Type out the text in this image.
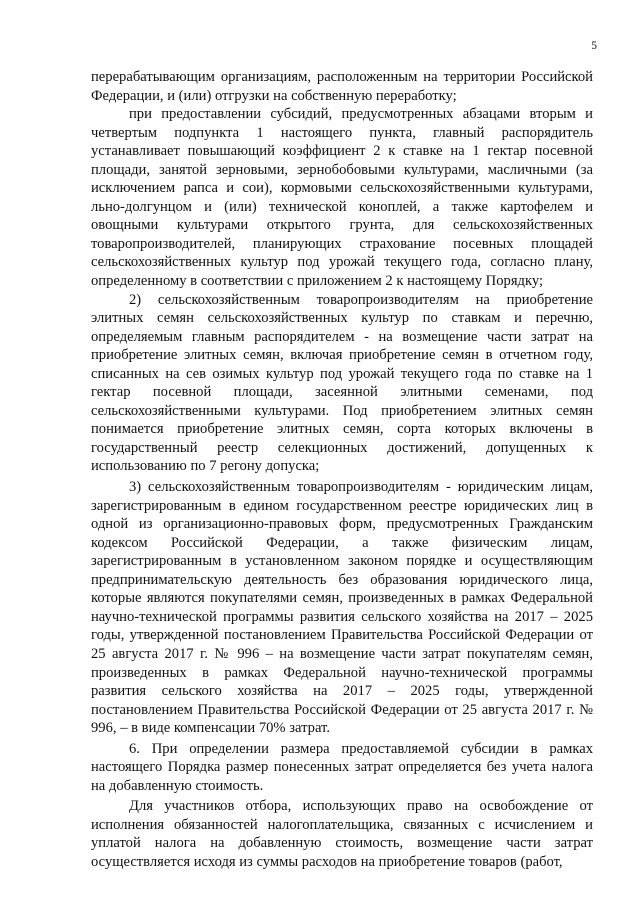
5

перерабатывающим организациям, расположенным на территории Российской Федерации, и (или) отгрузки на собственную переработку;

при предоставлении субсидий, предусмотренных абзацами вторым и четвертым подпункта 1 настоящего пункта, главный распорядитель устанавливает повышающий коэффициент 2 к ставке на 1 гектар посевной площади, занятой зерновыми, зернобобовыми культурами, масличными (за исключением рапса и сои), кормовыми сельскохозяйственными культурами, льно-долгунцом и (или) технической коноплей, а также картофелем и овощными культурами открытого грунта, для сельскохозяйственных товаропроизводителей, планирующих страхование посевных площадей сельскохозяйственных культур под урожай текущего года, согласно плану, определенному в соответствии с приложением 2 к настоящему Порядку;

2) сельскохозяйственным товаропроизводителям на приобретение элитных семян сельскохозяйственных культур по ставкам и перечню, определяемым главным распорядителем - на возмещение части затрат на приобретение элитных семян, включая приобретение семян в отчетном году, списанных на сев озимых культур под урожай текущего года по ставке на 1 гектар посевной площади, засеянной элитными семенами, под сельскохозяйственными культурами. Под приобретением элитных семян понимается приобретение элитных семян, сорта которых включены в государственный реестр селекционных достижений, допущенных к использованию по 7 регону допуска;

3) сельскохозяйственным товаропроизводителям - юридическим лицам, зарегистрированным в едином государственном реестре юридических лиц в одной из организационно-правовых форм, предусмотренных Гражданским кодексом Российской Федерации, а также физическим лицам, зарегистрированным в установленном законом порядке и осуществляющим предпринимательскую деятельность без образования юридического лица, которые являются покупателями семян, произведенных в рамках Федеральной научно-технической программы развития сельского хозяйства на 2017 – 2025 годы, утвержденной постановлением Правительства Российской Федерации от 25 августа 2017 г. № 996 – на возмещение части затрат покупателям семян, произведенных в рамках Федеральной научно-технической программы развития сельского хозяйства на 2017 – 2025 годы, утвержденной постановлением Правительства Российской Федерации от 25 августа 2017 г. № 996, – в виде компенсации 70% затрат.

6. При определении размера предоставляемой субсидии в рамках настоящего Порядка размер понесенных затрат определяется без учета налога на добавленную стоимость.

Для участников отбора, использующих право на освобождение от исполнения обязанностей налогоплательщика, связанных с исчислением и уплатой налога на добавленную стоимость, возмещение части затрат осуществляется исходя из суммы расходов на приобретение товаров (работ,
